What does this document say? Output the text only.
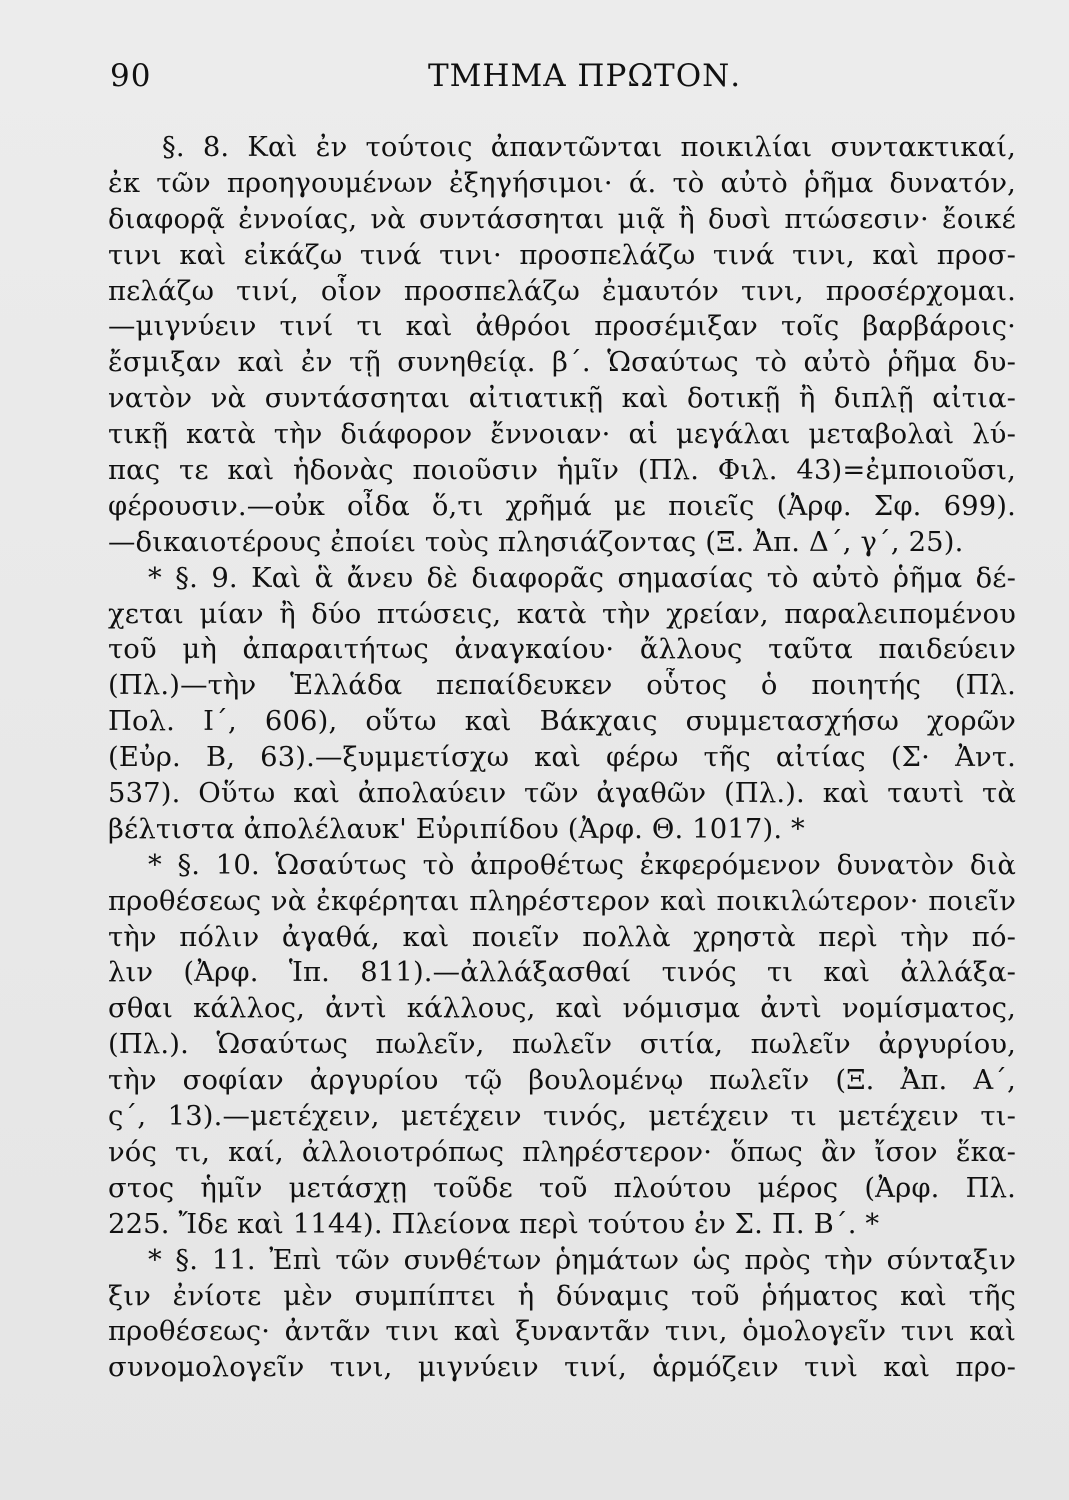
90	ΤΜΗΜΑ ΠΡΩΤΟΝ.
§. 8. Καὶ ἐν τούτοις ἀπαντῶνται ποικιλίαι συντακτικαί,
ἐκ τῶν προηγουμένων ἐξηγήσιμοι· ά. τὸ αὐτὸ ῥῆμα δυνατόν,
διαφορᾷ ἐννοίας, νὰ συντάσσηται μιᾷ ἢ δυσὶ πτώσεσιν· ἔοικέ
τινι καὶ εἰκάζω τινά τινι· προσπελάζω τινά τινι, καὶ προσ-
πελάζω τινί, οἷον προσπελάζω ἐμαυτόν τινι, προσέρχομαι.
—μιγνύειν τινί τι καὶ ἀθρόοι προσέμιξαν τοῖς βαρβάροις·
ἔσμιξαν καὶ ἐν τῇ συνηθείᾳ. β΄. Ὡσαύτως τὸ αὐτὸ ῥῆμα δυ-
νατὸν νὰ συντάσσηται αἰτιατικῇ καὶ δοτικῇ ἢ διπλῇ αἰτια-
τικῇ κατὰ τὴν διάφορον ἔννοιαν· αἱ μεγάλαι μεταβολαὶ λύ-
πας τε καὶ ἡδονὰς ποιοῦσιν ἡμῖν (Πλ. Φιλ. 43)=ἐμποιοῦσι,
φέρουσιν.—οὐκ οἶδα ὅ,τι χρῆμά με ποιεῖς (Ἀρφ. Σφ. 699).
—δικαιοτέρους ἐποίει τοὺς πλησιάζοντας (Ξ. Ἀπ. Δ΄, γ΄, 25).
* §. 9. Καὶ ἃ ἄνευ δὲ διαφορᾶς σημασίας τὸ αὐτὸ ῥῆμα δέ-
χεται μίαν ἢ δύο πτώσεις, κατὰ τὴν χρείαν, παραλειπομένου
τοῦ μὴ ἀπαραιτήτως ἀναγκαίου· ἄλλους ταῦτα παιδεύειν
(Πλ.)—τὴν Ἑλλάδα πεπαίδευκεν οὗτος ὁ ποιητής (Πλ.
Πολ. Ι΄, 606), οὕτω καὶ Βάκχαις συμμετασχήσω χορῶν
(Εὐρ. Β, 63).—ξυμμετίσχω καὶ φέρω τῆς αἰτίας (Σ· Ἀντ.
537). Οὕτω καὶ ἀπολαύειν τῶν ἀγαθῶν (Πλ.). καὶ ταυτὶ τὰ
βέλτιστα ἀπολέλαυκ' Εὐριπίδου (Ἀρφ. Θ. 1017). *
* §. 10. Ὡσαύτως τὸ ἀπροθέτως ἐκφερόμενον δυνατὸν διὰ
προθέσεως νὰ ἐκφέρηται πληρέστερον καὶ ποικιλώτερον· ποιεῖν
τὴν πόλιν ἀγαθά, καὶ ποιεῖν πολλὰ χρηστὰ περὶ τὴν πό-
λιν (Ἀρφ. Ἱπ. 811).—ἀλλάξασθαί τινός τι καὶ ἀλλάξα-
σθαι κάλλος, ἀντὶ κάλλους, καὶ νόμισμα ἀντὶ νομίσματος,
(Πλ.). Ὡσαύτως πωλεῖν, πωλεῖν σιτία, πωλεῖν ἀργυρίου,
τὴν σοφίαν ἀργυρίου τῷ βουλομένῳ πωλεῖν (Ξ. Ἀπ. Α΄,
ς΄, 13).—μετέχειν, μετέχειν τινός, μετέχειν τι μετέχειν τι-
νός τι, καί, ἀλλοιοτρόπως πληρέστερον· ὅπως ἂν ἴσον ἕκα-
στος ἡμῖν μετάσχῃ τοῦδε τοῦ πλούτου μέρος (Ἀρφ. Πλ.
225. Ἴδε καὶ 1144). Πλείονα περὶ τούτου ἐν Σ. Π. Β΄. *
* §. 11. Ἐπὶ τῶν συνθέτων ῥημάτων ὡς πρὸς τὴν σύνταξιν
ξιν ἐνίοτε μὲν συμπίπτει ἡ δύναμις τοῦ ῥήματος καὶ τῆς
προθέσεως· ἀντᾶν τινι καὶ ξυναντᾶν τινι, ὁμολογεῖν τινι καὶ
συνομολογεῖν τινι, μιγνύειν τινί, ἁρμόζειν τινὶ καὶ προ-
